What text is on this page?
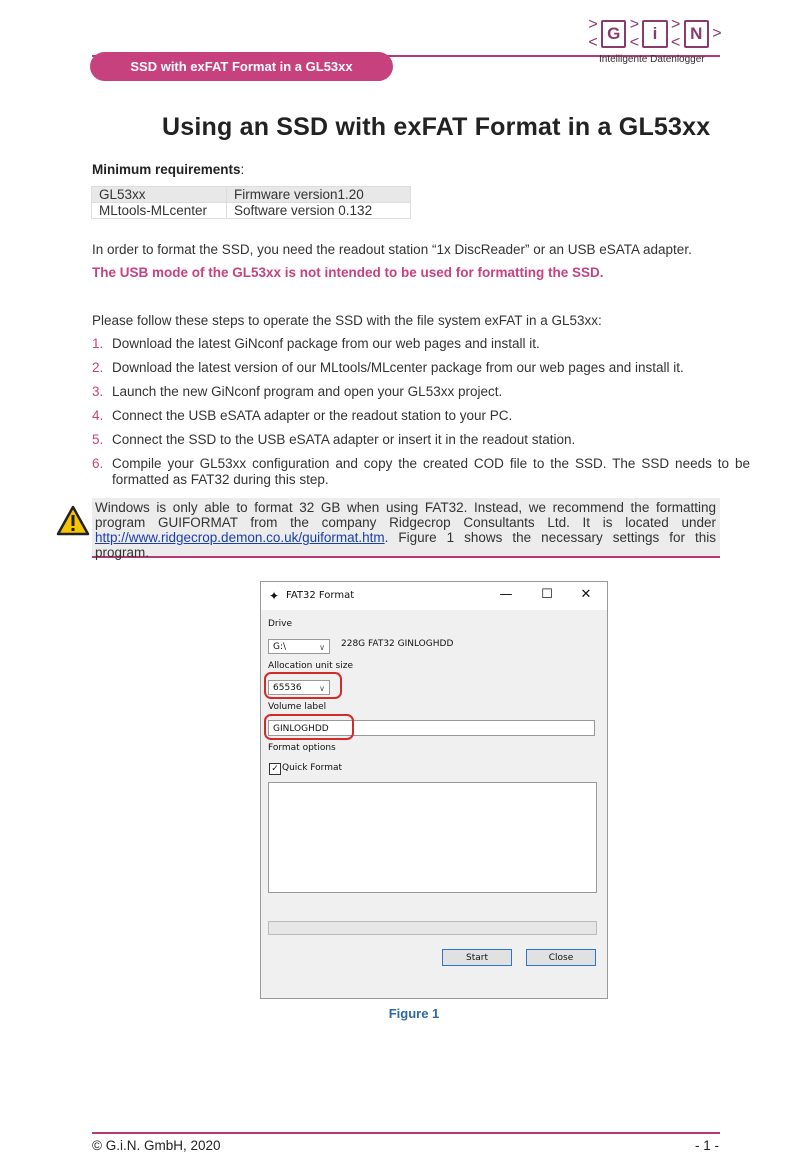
SSD with exFAT Format in a GL53xx
>< G >< i >< N >
Intelligente Datenlogger
Using an SSD with exFAT Format in a GL53xx
Minimum requirements:
GL53xx	Firmware version1.20
MLtools-MLcenter	Software version 0.132
In order to format the SSD, you need the readout station “1x DiscReader” or an USB eSATA adapter.
The USB mode of the GL53xx is not intended to be used for formatting the SSD.
Please follow these steps to operate the SSD with the file system exFAT in a GL53xx:
1. Download the latest GiNconf package from our web pages and install it.
2. Download the latest version of our MLtools/MLcenter package from our web pages and install it.
3. Launch the new GiNconf program and open your GL53xx project.
4. Connect the USB eSATA adapter or the readout station to your PC.
5. Connect the SSD to the USB eSATA adapter or insert it in the readout station.
6. Compile your GL53xx configuration and copy the created COD file to the SSD. The SSD needs to be formatted as FAT32 during this step.
Windows is only able to format 32 GB when using FAT32. Instead, we recommend the formatting program GUIFORMAT from the company Ridgecrop Consultants Ltd. It is located under http://www.ridgecrop.demon.co.uk/guiformat.htm. Figure 1 shows the necessary settings for this program.
✦ FAT32 Format	—	☐	✕
Drive
G:\	∨ 228G FAT32 GINLOGHDD
Allocation unit size
65536 ∨
Volume label
GINLOGHDD
Format options
✓ Quick Format
Start	Close
Figure 1
© G.i.N. GmbH, 2020	- 1 -
